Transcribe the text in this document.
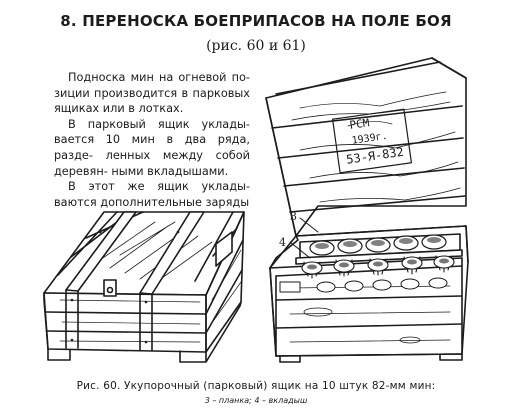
8. ПЕРЕНОСКА БОЕПРИПАСОВ НА ПОЛЕ БОЯ
(рис. 60 и 61)

Подноска мин на огневой по- зиции производится в парковых ящиках или в лотках.

В парковый ящик уклады- вается 10 мин в два ряда, разде- ленных между собой деревян- ными вкладышами.

В этот же ящик уклады- ваются дополнительные заряды

РСМ
1939г.
53-Я-832
3
4
Рис. 60. Укупорочный (парковый) ящик на 10 штук 82-мм мин:
3 – планка; 4 – вкладыш
